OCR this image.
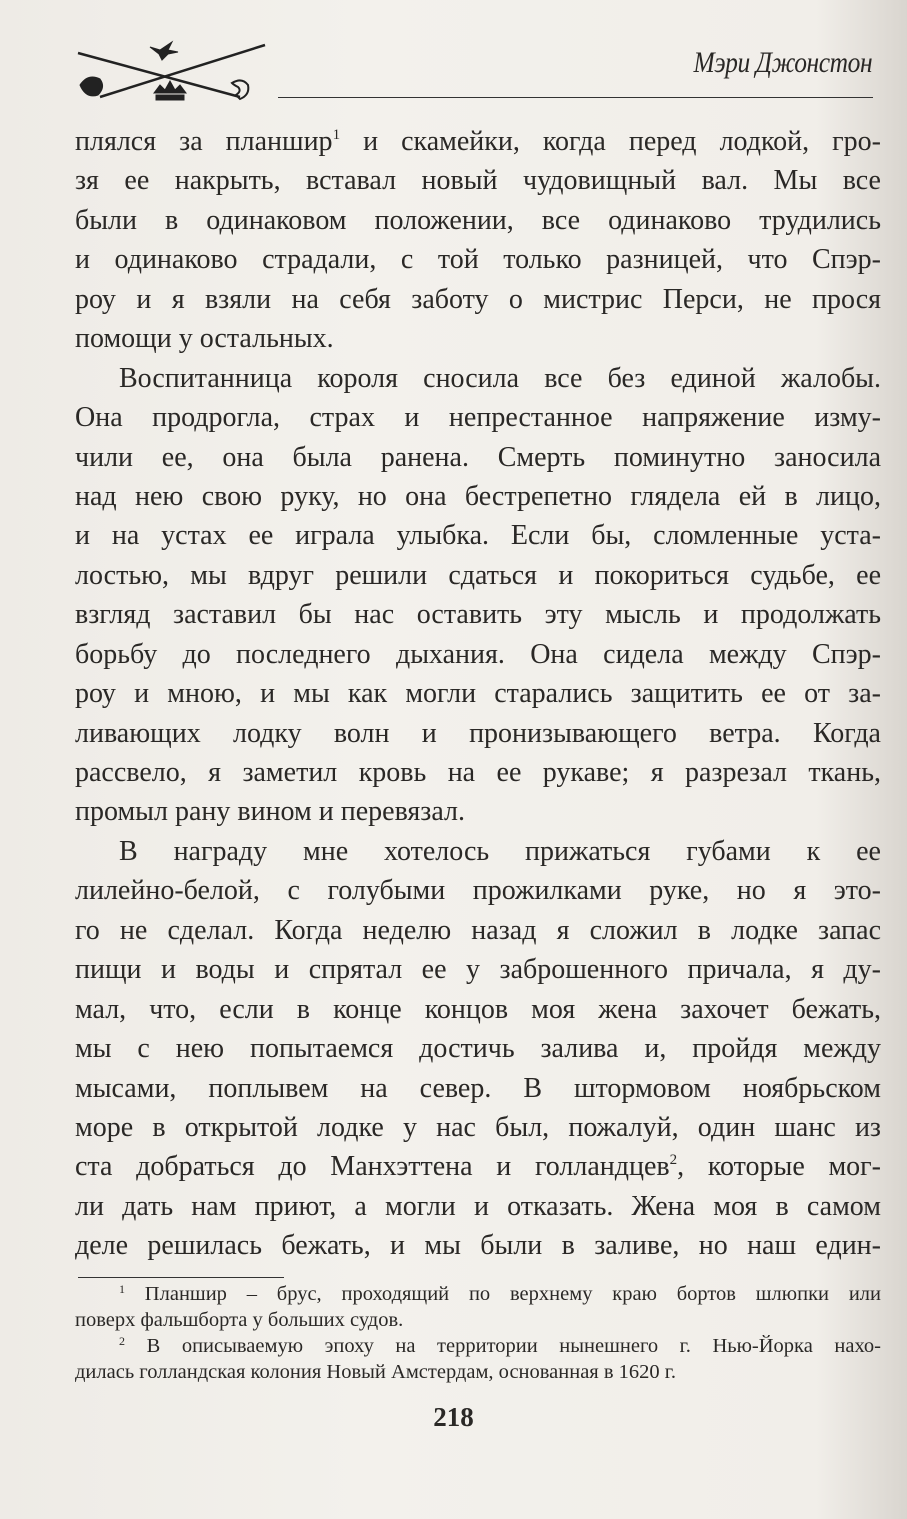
Мэри Джонстон
плялся за планшир$^1$ и скамейки, когда перед лодкой, гро-
зя ее накрыть, вставал новый чудовищный вал. Мы все
были в одинаковом положении, все одинаково трудились
и одинаково страдали, с той только разницей, что Спэр-
роу и я взяли на себя заботу о мистрис Перси, не прося
помощи у остальных.
Воспитанница короля сносила все без единой жалобы.
Она продрогла, страх и непрестанное напряжение изму-
чили ее, она была ранена. Смерть поминутно заносила
над нею свою руку, но она бестрепетно глядела ей в лицо,
и на устах ее играла улыбка. Если бы, сломленные уста-
лостью, мы вдруг решили сдаться и покориться судьбе, ее
взгляд заставил бы нас оставить эту мысль и продолжать
борьбу до последнего дыхания. Она сидела между Спэр-
роу и мною, и мы как могли старались защитить ее от за-
ливающих лодку волн и пронизывающего ветра. Когда
рассвело, я заметил кровь на ее рукаве; я разрезал ткань,
промыл рану вином и перевязал.
В награду мне хотелось прижаться губами к ее
лилейно-белой, с голубыми прожилками руке, но я это-
го не сделал. Когда неделю назад я сложил в лодке запас
пищи и воды и спрятал ее у заброшенного причала, я ду-
мал, что, если в конце концов моя жена захочет бежать,
мы с нею попытаемся достичь залива и, пройдя между
мысами, поплывем на север. В штормовом ноябрьском
море в открытой лодке у нас был, пожалуй, один шанс из
ста добраться до Манхэттена и голландцев$^2$, которые мог-
ли дать нам приют, а могли и отказать. Жена моя в самом
деле решилась бежать, и мы были в заливе, но наш един-
$^1$ Планшир – брус, проходящий по верхнему краю бортов шлюпки или
поверх фальшборта у больших судов.
$^2$ В описываемую эпоху на территории нынешнего г. Нью-Йорка нахо-
дилась голландская колония Новый Амстердам, основанная в 1620 г.
218
